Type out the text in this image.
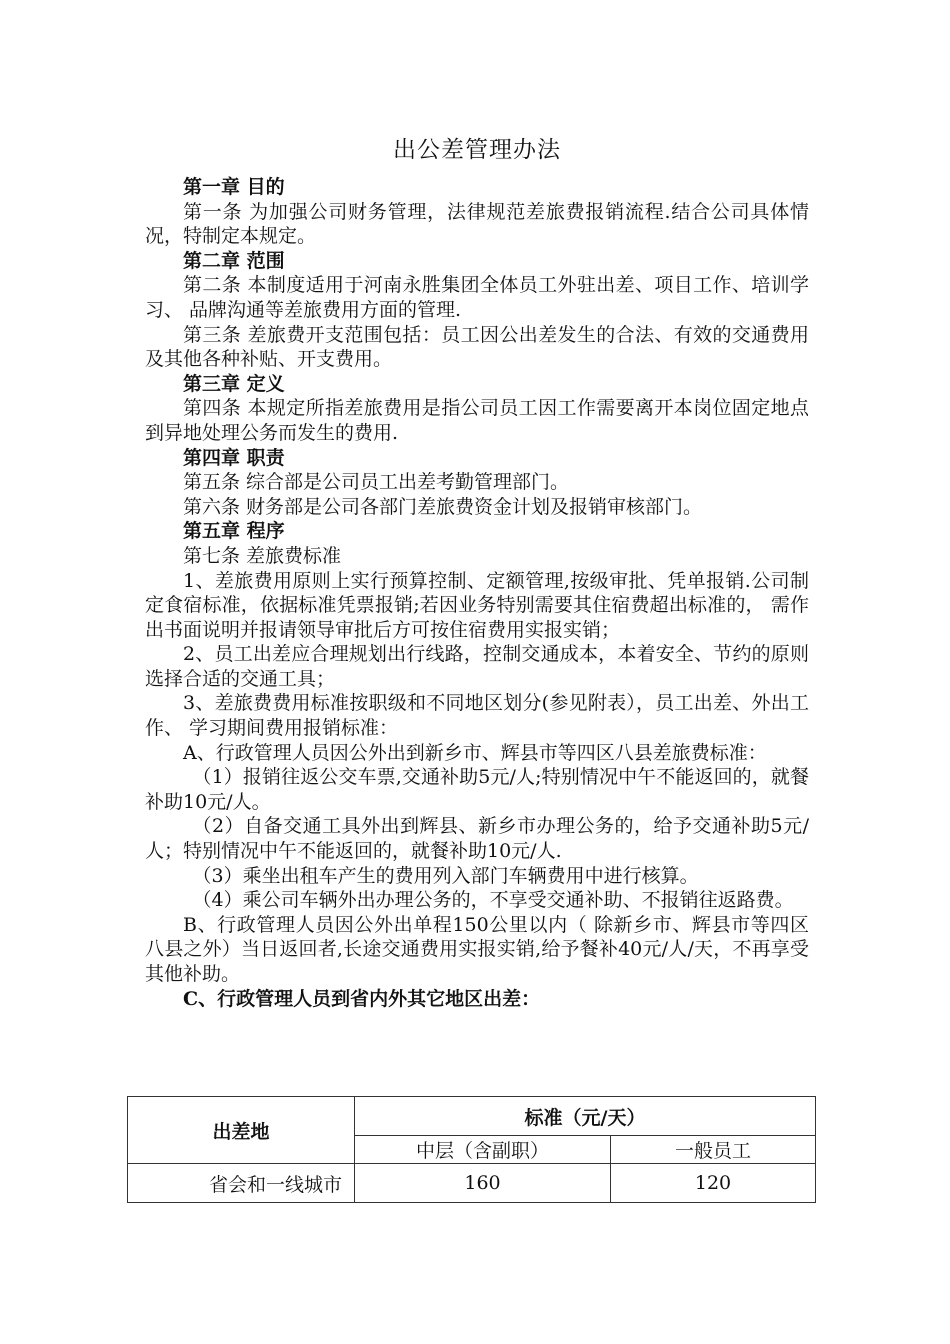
出公差管理办法

第一章 目的

第一条 为加强公司财务管理，法律规范差旅费报销流程.结合公司具体情况，特制定本规定。

第二章 范围

第二条 本制度适用于河南永胜集团全体员工外驻出差、项目工作、培训学习、 品牌沟通等差旅费用方面的管理.

第三条 差旅费开支范围包括：员工因公出差发生的合法、有效的交通费用及其他各种补贴、开支费用。

第三章 定义

第四条 本规定所指差旅费用是指公司员工因工作需要离开本岗位固定地点到异地处理公务而发生的费用.

第四章 职责

第五条 综合部是公司员工出差考勤管理部门。

第六条 财务部是公司各部门差旅费资金计划及报销审核部门。

第五章 程序

第七条 差旅费标准

1、差旅费用原则上实行预算控制、定额管理,按级审批、凭单报销.公司制定食宿标准，依据标准凭票报销;若因业务特别需要其住宿费超出标准的， 需作出书面说明并报请领导审批后方可按住宿费用实报实销；

2、员工出差应合理规划出行线路，控制交通成本，本着安全、节约的原则选择合适的交通工具；

3、差旅费费用标准按职级和不同地区划分(参见附表），员工出差、外出工作、 学习期间费用报销标准：

A、行政管理人员因公外出到新乡市、辉县市等四区八县差旅费标准：

（1）报销往返公交车票,交通补助5元/人;特别情况中午不能返回的，就餐补助10元/人。

（2）自备交通工具外出到辉县、新乡市办理公务的，给予交通补助5元/人；特别情况中午不能返回的，就餐补助10元/人.

（3）乘坐出租车产生的费用列入部门车辆费用中进行核算。

（4）乘公司车辆外出办理公务的，不享受交通补助、不报销往返路费。

B、行政管理人员因公外出单程150公里以内（ 除新乡市、辉县市等四区八县之外）当日返回者,长途交通费用实报实销,给予餐补40元/人/天，不再享受其他补助。

C、行政管理人员到省内外其它地区出差：

出差地	标准（元/天）	
	中层（含副职）	一般员工
省会和一线城市	160	120
